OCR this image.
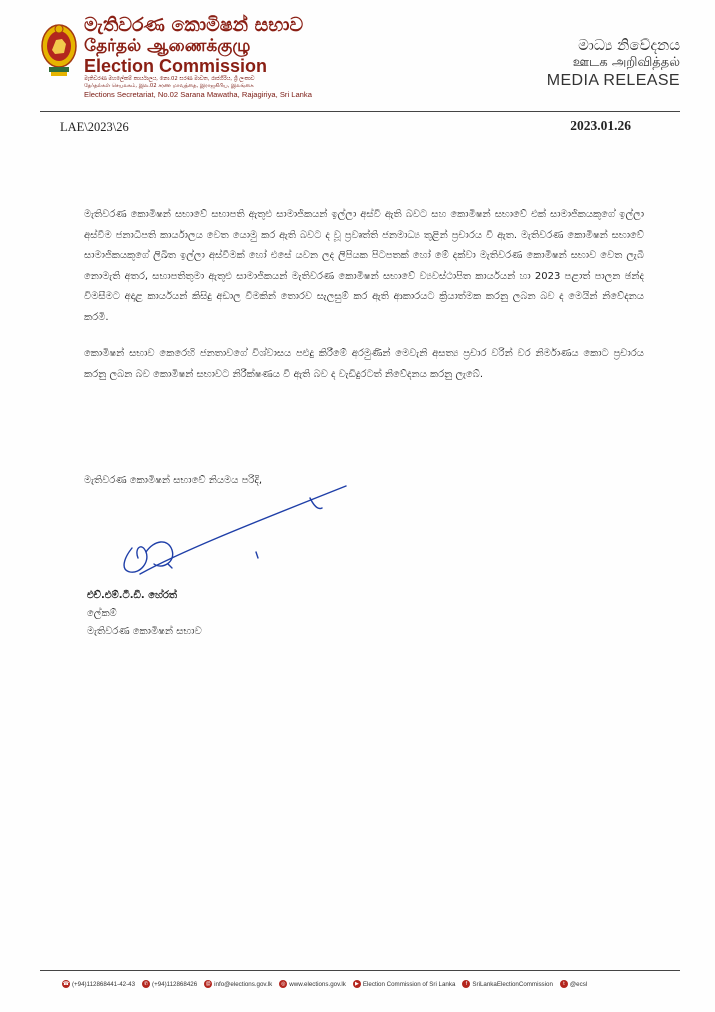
මැතිවරණ කොමිෂන් සභාව
தேர்தல் ஆணைக்குழு
Election Commission
මැතිවරණ මහලේකම් කාර්යාලය, නො.02 සරණ මාවත, රාජගිරිය, ශ්‍රී ලංකාව
தேர்தல்கள் செயலகம், இல.02 சரண மாவத்தை, இராஜகிரிய, இலங்கை
Elections Secretariat, No.02 Sarana Mawatha, Rajagiriya, Sri Lanka
මාධ්‍ය නිවේදනය
ஊடக அறிவித்தல்
MEDIA RELEASE
LAE\2023\26	2023.01.26

මැතිවරණ කොමිෂන් සභාවේ සභාපති ඇතුළු සාමාජිකයන් ඉල්ලා අස්වී ඇති බවට සහ කොමිෂන් සභාවේ එක් සාමාජිකයකුගේ ඉල්ලා අස්වීම ජනාධිපති කාර්යාලය වෙත යොමු කර ඇති බවට ද වූ ප්‍රවෘත්ති ජනමාධ්‍ය තුළින් ප්‍රචාරය වී ඇත. මැතිවරණ කොමිෂන් සභාවේ සාමාජිකයකුගේ ලිඛිත ඉල්ලා අස්වීමක් හෝ එසේ යවන ලද ලිපියක පිටපතක් හෝ මේ දක්වා මැතිවරණ කොමිෂන් සභාව වෙත ලැබී නොමැති අතර, සභාපතිතුමා ඇතුළු සාමාජිකයන් මැතිවරණ කොමිෂන් සභාවේ ව්‍යවස්ථාපිත කාර්යයන් හා 2023 පළාත් පාලන ඡන්ද විමසීමට අදාළ කාර්යයන් කිසිදු අඩාල වීමකින් තොරව සැලසුම් කර ඇති ආකාරයට ක්‍රියාත්මක කරනු ලබන බව ද මෙයින් නිවේදනය කරමි.

කොමිෂන් සභාව කෙරෙහි ජනතාවගේ විශ්වාසය පළුදු කිරීමේ අරමුණින් මෙවැනි අසත්‍ය ප්‍රචාර වරින් වර නිර්මාණය කොට ප්‍රචාරය කරනු ලබන බව කොමිෂන් සභාවට නිරීක්ෂණය වී ඇති බව ද වැඩිදුරටත් නිවේදනය කරනු ලැබේ.

මැතිවරණ කොමිෂන් සභාවේ නියමය පරිදි,
එච්.එම්.ටී.ඩී. හේරත්
ලේකම්
මැතිවරණ කොමිෂන් සභාව
☎ (+94)112868441-42-43	✆ (+94)112868426 @ info@elections.gov.lk	◎ www.elections.gov.lk	▶ Election Commission of Sri Lanka	f SriLankaElectionCommission	t @ecsl
